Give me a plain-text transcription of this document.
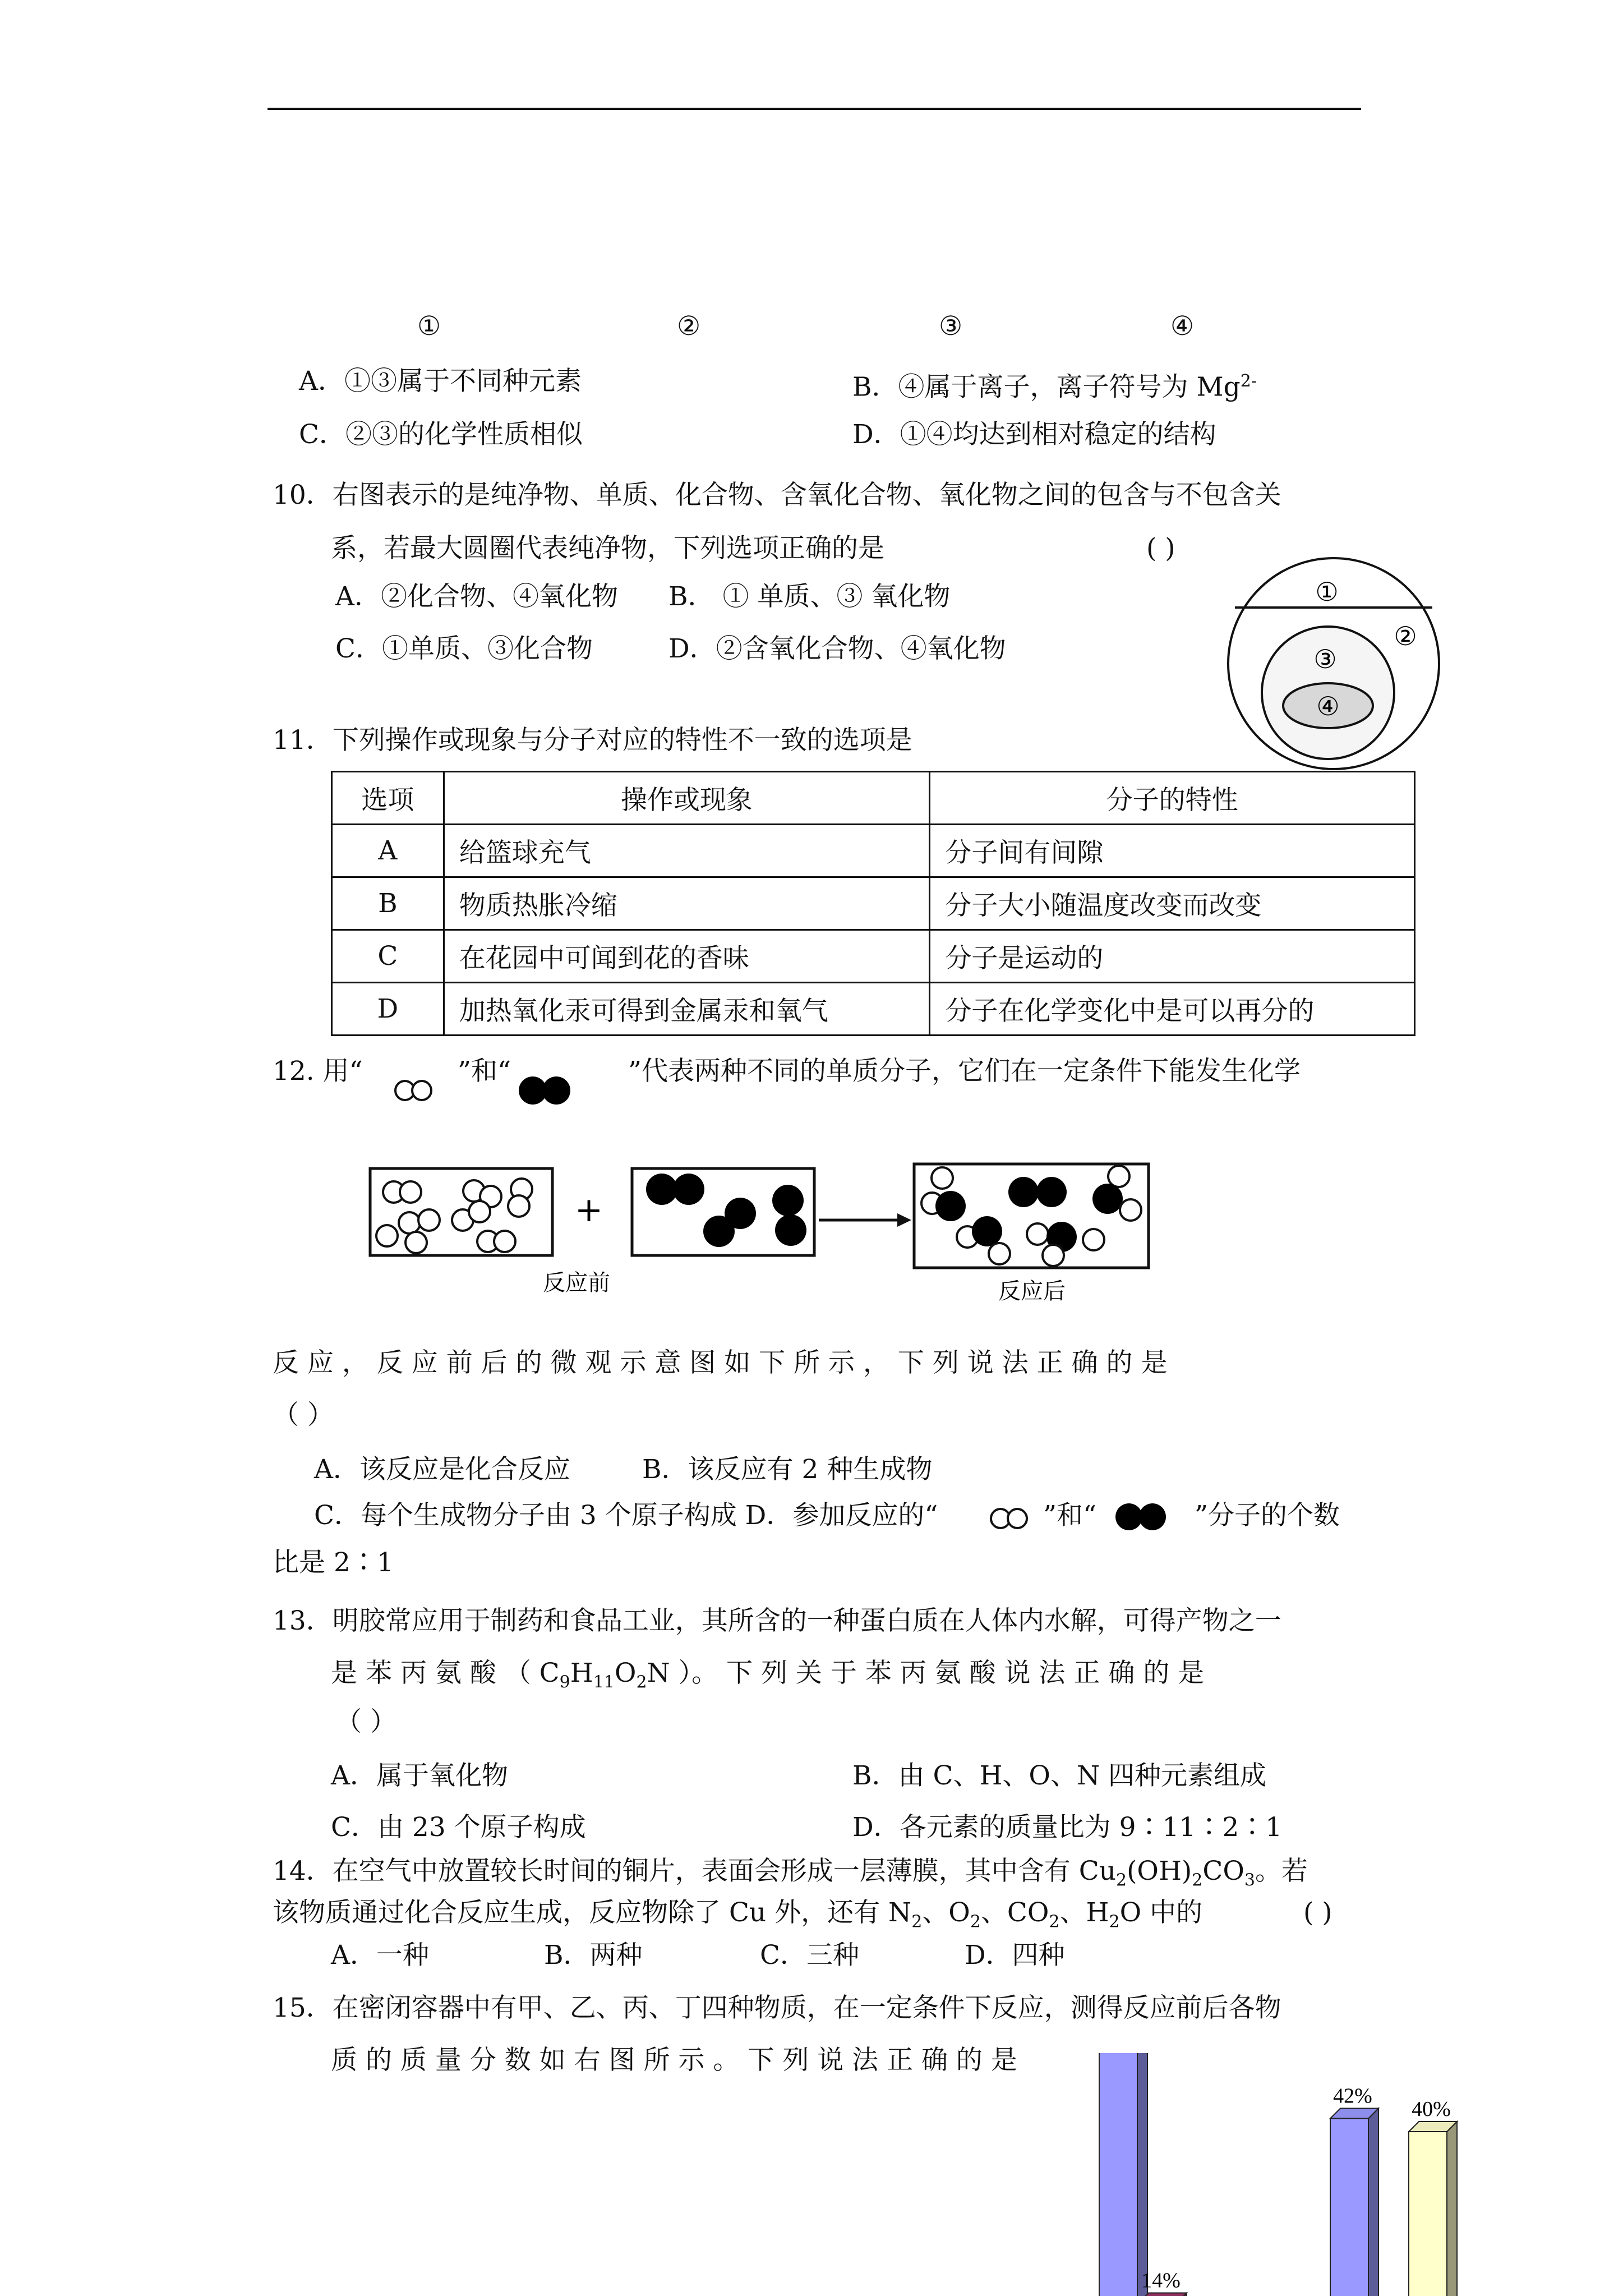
①	②	③	④
A．①③属于不同种元素	B．④属于离子，离子符号为 $Mg^{2-}$
C．②③的化学性质相似	D．①④均达到相对稳定的结构
10．右图表示的是纯净物、单质、化合物、含氧化合物、氧化物之间的包含与不包含关
系，若最大圆圈代表纯净物，下列选项正确的是	( )
A．②化合物、④氧化物 B． ① 单质、③ 氧化物
C．①单质、③化合物	D．②含氧化合物、④氧化物
①
②
③
④
11．下列操作或现象与分子对应的特性不一致的选项是
选项	操作或现象	分子的特性
A	给篮球充气	分子间有间隙
B	物质热胀冷缩	分子大小随温度改变而改变
C	在花园中可闻到花的香味	分子是运动的
D	加热氧化汞可得到金属汞和氧气	分子在化学变化中是可以再分的
12. 用“	”和“	”代表两种不同的单质分子，它们在一定条件下能发生化学
+
反应前	反应后
反 应 ， 反 应 前 后 的 微 观 示 意 图 如 下 所 示 ， 下 列 说 法 正 确 的 是
（ ）
A．该反应是化合反应	B．该反应有 2 种生成物
C．每个生成物分子由 3 个原子构成 D．参加反应的“	”和“	”分子的个数
比是 2∶1
13．明胶常应用于制药和食品工业，其所含的一种蛋白质在人体内水解，可得产物之一
是 苯 丙 氨 酸 （ $C_9H_{11}O_2N$ ）。 下 列 关 于 苯 丙 氨 酸 说 法 正 确 的 是
（ ）
A．属于氧化物	B．由 C、H、O、N 四种元素组成
C．由 23 个原子构成	D．各元素的质量比为 9∶11∶2∶1
14．在空气中放置较长时间的铜片，表面会形成一层薄膜，其中含有 $Cu_2(OH)_2CO_3$。若
该物质通过化合反应生成，反应物除了 Cu 外，还有 $N_2$、$O_2$、$CO_2$、$H_2O$ 中的	( )
A．一种	B．两种	C．三种	D．四种
15．在密闭容器中有甲、乙、丙、丁四种物质，在一定条件下反应，测得反应前后各物
质 的 质 量 分 数 如 右 图 所 示 。 下 列 说 法 正 确 的 是
14%
42%
40%
